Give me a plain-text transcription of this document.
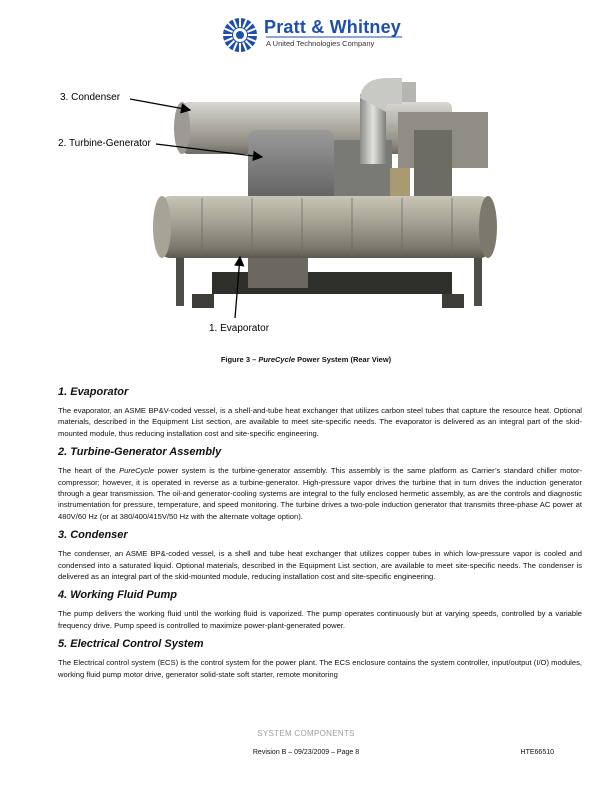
Pratt & Whitney
A United Technologies Company
3. Condenser
2. Turbine-Generator
1. Evaporator
Figure 3 – PureCycle Power System (Rear View)
1. Evaporator
The evaporator, an ASME BP&V-coded vessel, is a shell-and-tube heat exchanger that utilizes carbon steel tubes that capture the resource heat. Optional materials, described in the Equipment List section, are available to meet site-specific needs. The evaporator is delivered as an integral part of the skid-mounted module, thus reducing installation cost and site-specific engineering.
2. Turbine-Generator Assembly
The heart of the PureCycle power system is the turbine-generator assembly. This assembly is the same platform as Carrier’s standard chiller motor-compressor; however, it is operated in reverse as a turbine-generator. High-pressure vapor drives the turbine that in turn drives the induction generator through a gear transmission. The oil-and generator-cooling systems are integral to the fully enclosed hermetic assembly, as are the controls and diagnostic instrumentation for pressure, temperature, and speed monitoring. The turbine drives a two-pole induction generator that transmits three-phase AC power at 480V/60 Hz (or at 380/400/415V/50 Hz with the alternate voltage option).
3. Condenser
The condenser, an ASME BP&-coded vessel, is a shell and tube heat exchanger that utilizes copper tubes in which low-pressure vapor is cooled and condensed into a saturated liquid. Optional materials, described in the Equipment List section, are available to meet site-specific needs. The condenser is delivered as an integral part of the skid-mounted module, reducing installation cost and site-specific engineering.
4. Working Fluid Pump
The pump delivers the working fluid until the working fluid is vaporized. The pump operates continuously but at varying speeds, controlled by a variable frequency drive. Pump speed is controlled to maximize power-plant-generated power.
5. Electrical Control System
The Electrical control system (ECS) is the control system for the power plant. The ECS enclosure contains the system controller, input/output (I/O) modules, working fluid pump motor drive, generator solid-state soft starter, remote monitoring
SYSTEM COMPONENTS
Revision B – 09/23/2009 – Page 8	HTE66510
